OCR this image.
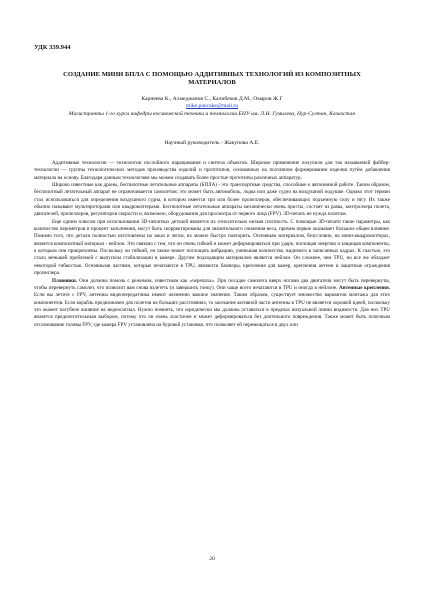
УДК 339.944
СОЗДАНИЕ МИНИ БПЛА С ПОМОЩЬЮ АДДИТИВНЫХ ТЕХНОЛОГИЙ ИЗ КОМПОЗИТНЫХ МАТЕРИАЛОВ
Карнеева К., Ахмеджанов С., Калибеков Д.М., Омаров Ж.Г
mike.pancake@mail.ru
Магистранты 1-го курса кафедры космической техники и технологии ЕНУ им. Л.Н. Гумилева, Нур-Султан, Казахстан
Научный руководитель - Жакупова А.Е.

Аддитивные технологии — технологии послойного наращивания и синтеза объектов. Широкое применение получили для так называемой фаббер-технологии — группы технологических методов производства изделий и прототипов, основанных на поэтапном формировании изделия путём добавления материала на основу. Благодаря данным технологиям мы можем создавать более простые прототипы различных аппаратур.

Широко известные как дроны, беспилотные летательные аппараты (БПЛА) - это транспортные средства, способные к автономной работе. Таким образом, беспилотный летательный аппарат не ограничивается самолетом; это может быть автомобиль, лодка или даже судно на воздушной подушке. Однако этот термин стал использоваться для определения воздушного судна, в котором имеется три или более пропеллеров, обеспечивающих подъемную силу и тягу. Их также обычно называют мультироторами или квадрокоптерами. Беспилотные летательные аппараты механически очень просты, состоят из рамы, контроллера полета, двигателей, пропеллеров, регуляторов скорости и, возможно, оборудования для просмотра от первого лица (FPV). 3D-печать не нужда полетам.

Еще одним плюсом при использовании 3D-печатных деталей является их относительно низкая плотность. С помощью 3D-печати такие параметры, как количество периметров и процент заполнения, могут быть скорректированы для значительного снижения веса, причем первое оказывает большое общее влияние. Помимо того, что детали полностью изготовлены на заказ и легки, их можно быстро повторить. Основным материалом, безусловно, на мини-квадрокоптерах, является композитный материал - нейлон. Это связано с тем, что он очень гибкий и может деформироваться при ударе, поглощая энергию и защищая компоненты, к которым они прикреплены. Поскольку он гибкий, он также может поглощать вибрацию, уменьшая количество, видимого в записанных кадрах. К счастью, это стало меньшей проблемой с выпуском стабилизации в камере. Другим подходящим материалом является нейлон. Он сложнее, чем TPU, но все же обладает некоторой гибкостью. Основными частями, которые печатаются в TPU, являются бамперы, крепления для камер, крепления антенн и защитные ограждения пропеллера.

Плавники. Они должны помочь с режимом, известным как «черепаха». При посадке самолета вверх ногами два двигателя могут быть перевернуты, чтобы перевернуть самолет, что позволит вам снова взлететь (и завершить гонку). Они чаще всего печатаются в TPU и иногда в нейлоне. Антенные крепления. Если вы летите с FPV, антенны видеопередатчика имеют жизненно важное значение. Таким образом, существует множество вариантов монтажа для этих компонентов. Если корабль предназначен для полетов на больших расстояниях, то засекание активной части антенны в TPU не является хорошей идеей, поскольку это окажет пагубное влияние на видеосигнал. Нужно помнить, что юридически мы должны оставаться в пределах визуальной линии видимости. Для них TPU является предпочтительным выбором, потому что он очень эластичен и может деформироваться без длительного повреждения. Также может быть полезным отслеживание головы FPV, где камера FPV установлена на буровой установке, что позволяет ей перемещаться в двух или

20
